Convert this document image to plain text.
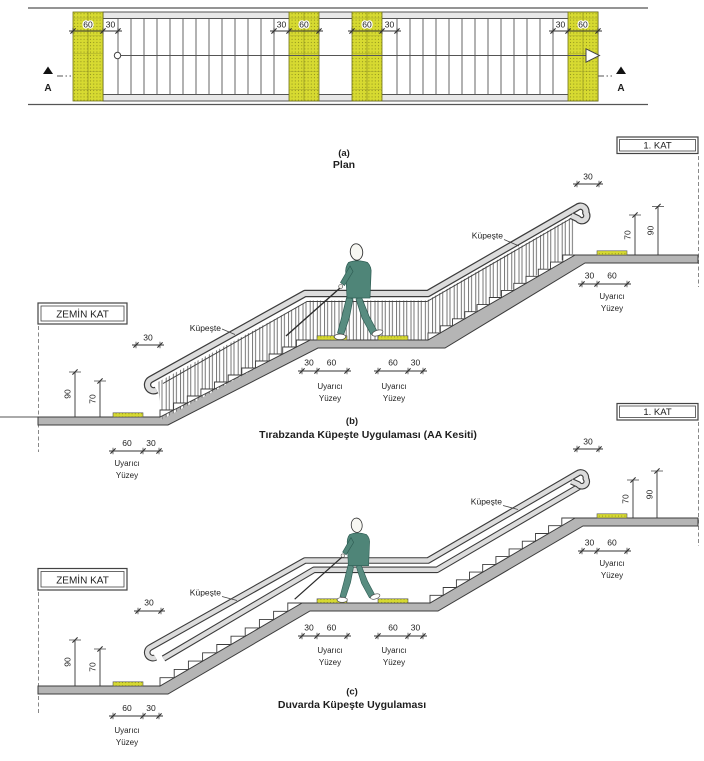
60 30	30 60	60 30	30 60
A	A
(a)
Plan
Küpeşte
Küpeşte
30
60 30
30 60	60 30
30
30 60
90
70
70 90
Uyarıcı
Yüzey
Uyarıcı
Yüzey
Uyarıcı
Yüzey
Uyarıcı
Yüzey
ZEMİN KAT
1. KAT
(b)
Tırabzanda Küpeşte Uygulaması (AA Kesiti)
Küpeşte
Küpeşte
30
60 30
30 60	60 30
30
30 60
90
70
70 90
Uyarıcı
Yüzey
Uyarıcı
Yüzey
Uyarıcı
Yüzey
Uyarıcı
Yüzey
ZEMİN KAT
1. KAT
(c)
Duvarda Küpeşte Uygulaması
